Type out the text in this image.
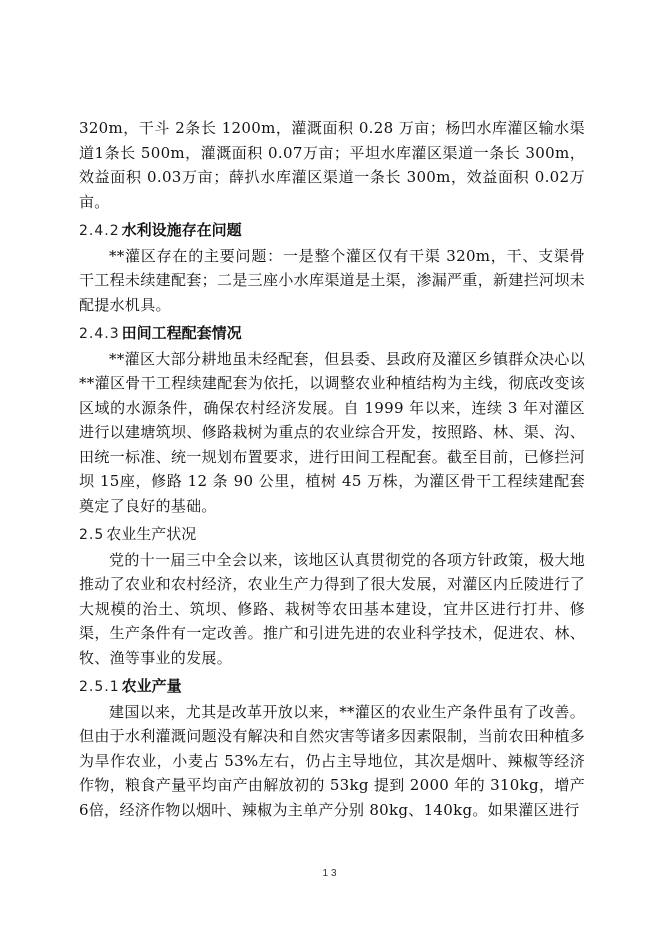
320m，干斗 2条长 1200m，灌溉面积 0.28 万亩；杨凹水库灌区输水渠道1条长 500m，灌溉面积 0.07万亩；平坦水库灌区渠道一条长 300m，效益面积 0.03万亩；薛扒水库灌区渠道一条长 300m，效益面积 0.02万亩。

2.4.2 水利设施存在问题

**灌区存在的主要问题：一是整个灌区仅有干渠 320m，干、支渠骨干工程未续建配套；二是三座小水库渠道是土渠，渗漏严重，新建拦河坝未配提水机具。

2.4.3 田间工程配套情况

**灌区大部分耕地虽未经配套，但县委、县政府及灌区乡镇群众决心以**灌区骨干工程续建配套为依托，以调整农业种植结构为主线，彻底改变该区域的水源条件，确保农村经济发展。自 1999 年以来，连续 3 年对灌区进行以建塘筑坝、修路栽树为重点的农业综合开发，按照路、林、渠、沟、田统一标准、统一规划布置要求，进行田间工程配套。截至目前，已修拦河坝 15座，修路 12 条 90 公里，植树 45 万株，为灌区骨干工程续建配套奠定了良好的基础。

2.5 农业生产状况

党的十一届三中全会以来，该地区认真贯彻党的各项方针政策，极大地推动了农业和农村经济，农业生产力得到了很大发展，对灌区内丘陵进行了大规模的治土、筑坝、修路、栽树等农田基本建设，宜井区进行打井、修渠，生产条件有一定改善。推广和引进先进的农业科学技术，促进农、林、牧、渔等事业的发展。

2.5.1 农业产量

建国以来，尤其是改革开放以来，**灌区的农业生产条件虽有了改善。但由于水利灌溉问题没有解决和自然灾害等诸多因素限制，当前农田种植多为旱作农业，小麦占 53%左右，仍占主导地位，其次是烟叶、辣椒等经济作物，粮食产量平均亩产由解放初的 53kg 提到 2000 年的 310kg，增产6倍，经济作物以烟叶、辣椒为主单产分别 80kg、140kg。如果灌区进行

13
